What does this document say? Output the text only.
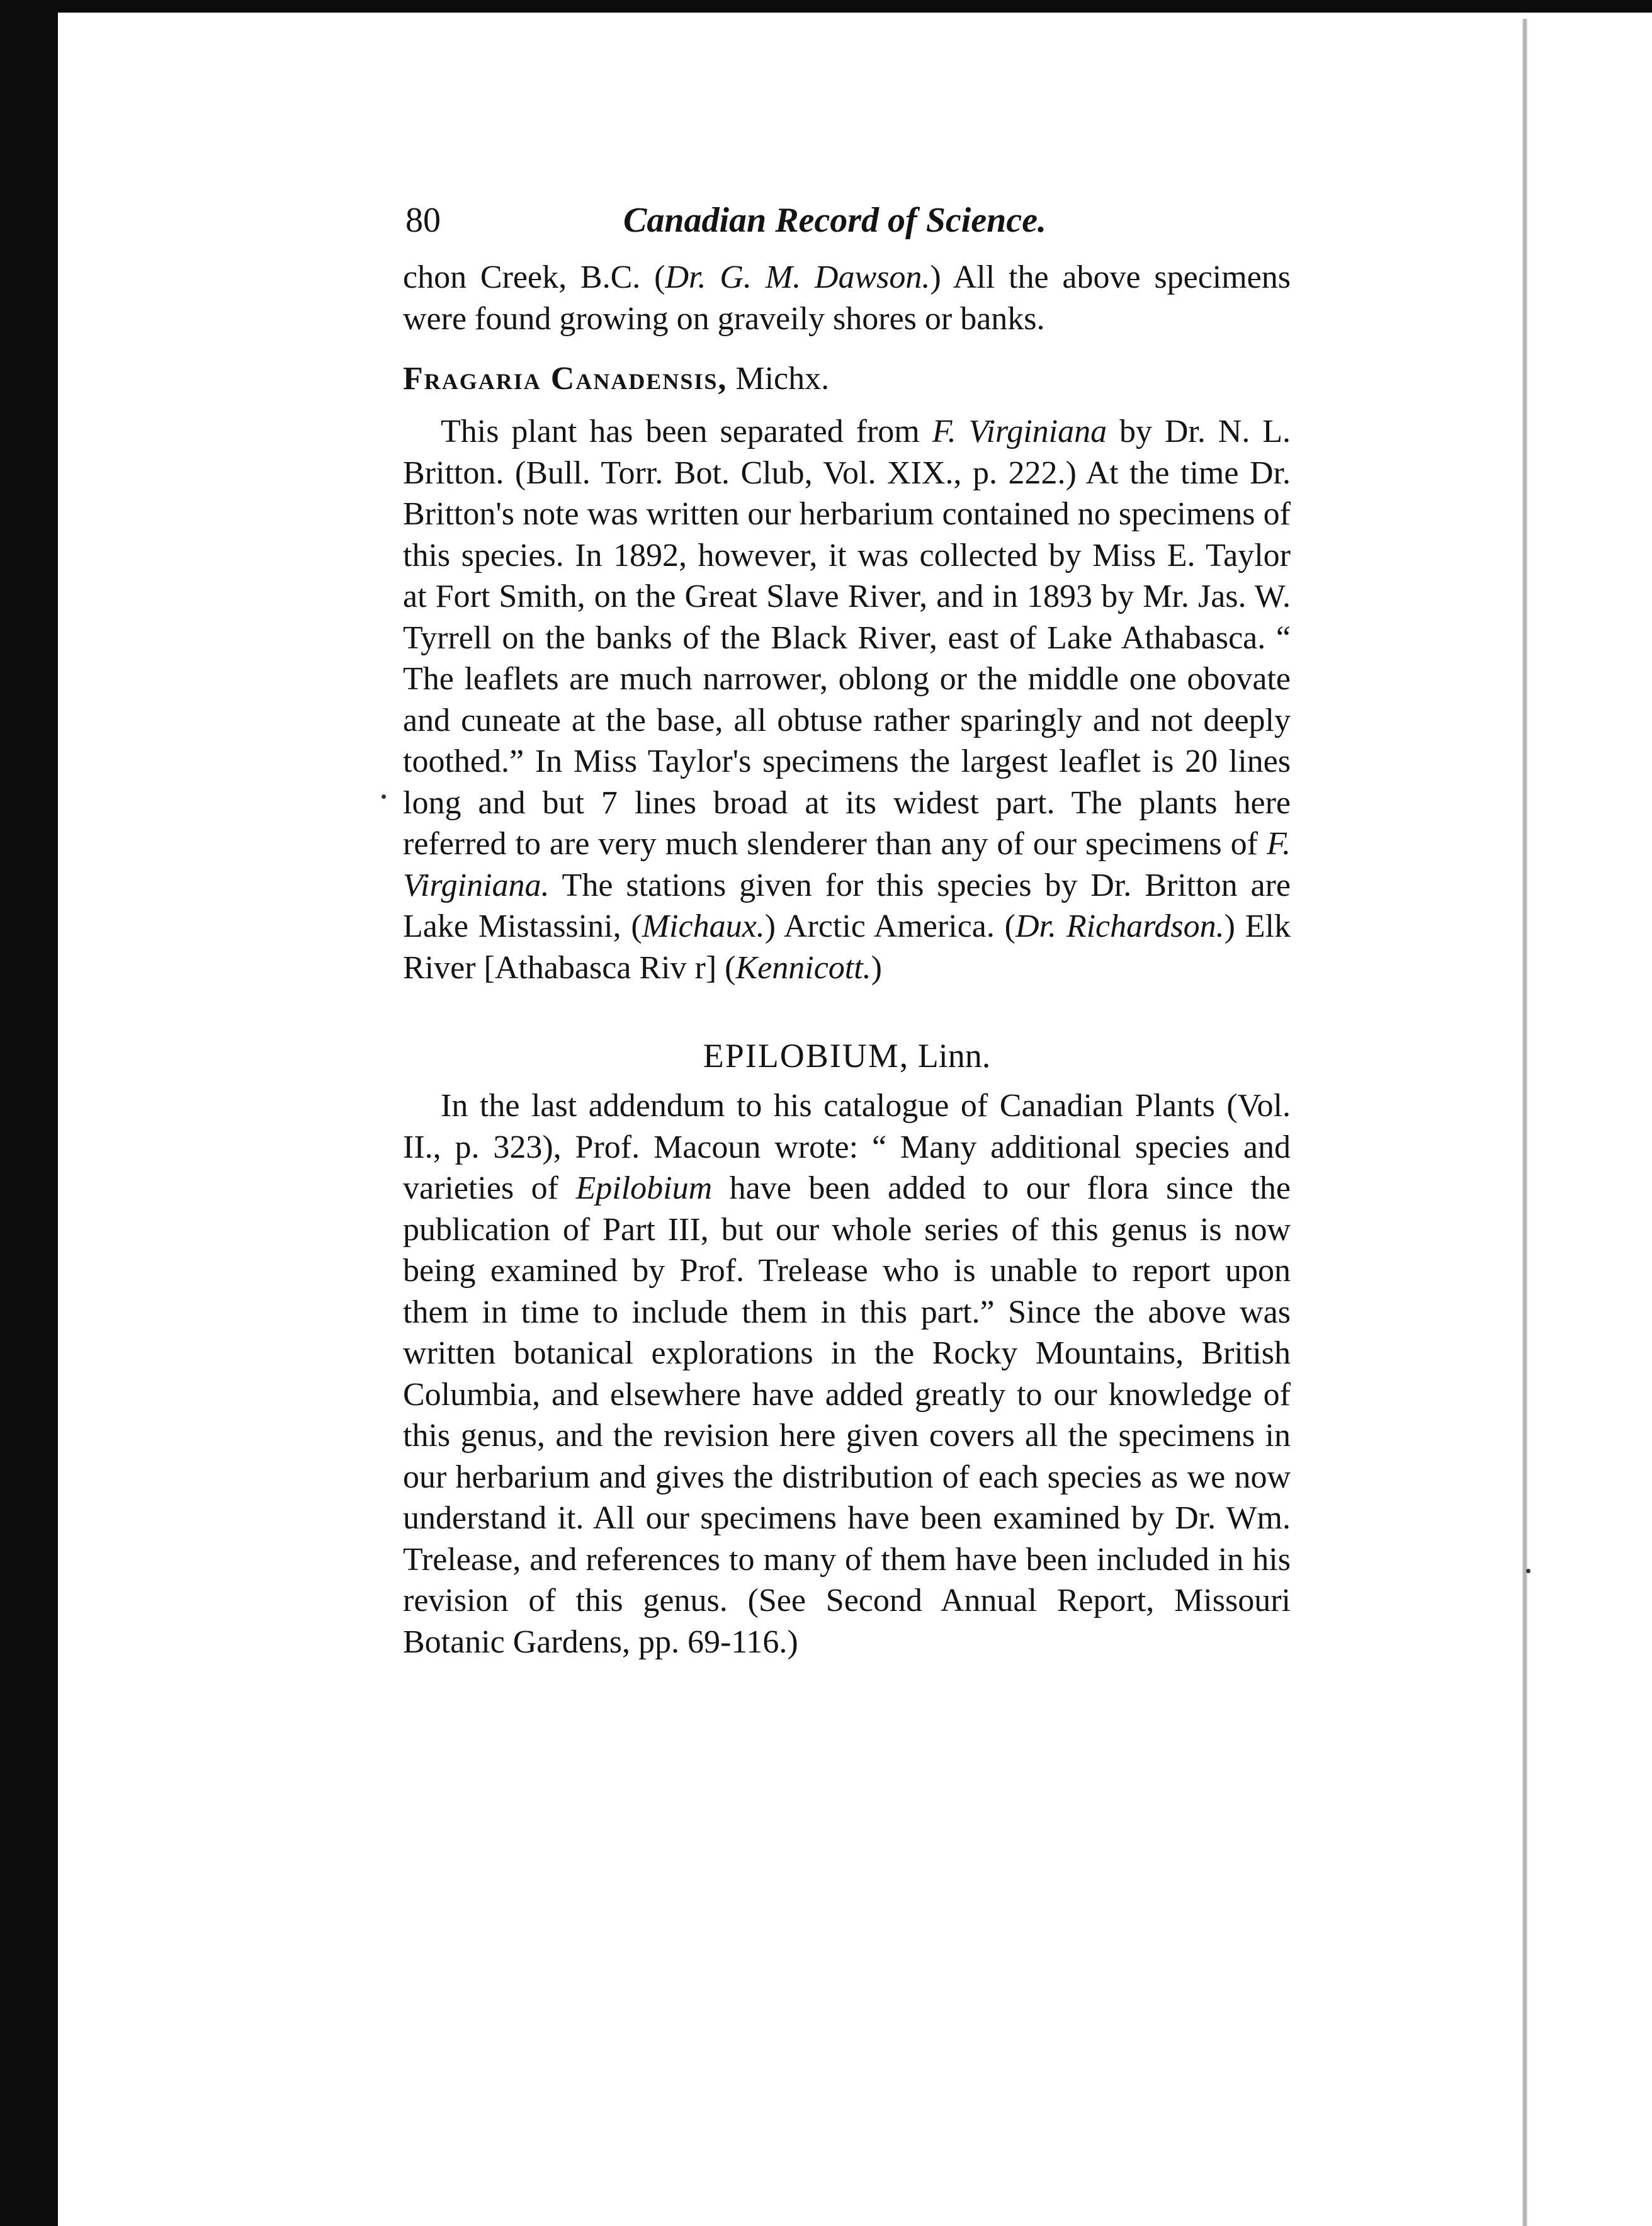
80	Canadian Record of Science.

chon Creek, B.C. (Dr. G. M. Dawson.) All the above specimens were found growing on graveily shores or banks.

Fragaria Canadensis, Michx.

This plant has been separated from F. Virginiana by Dr. N. L. Britton. (Bull. Torr. Bot. Club, Vol. XIX., p. 222.) At the time Dr. Britton's note was written our herbarium contained no specimens of this species. In 1892, however, it was collected by Miss E. Taylor at Fort Smith, on the Great Slave River, and in 1893 by Mr. Jas. W. Tyrrell on the banks of the Black River, east of Lake Athabasca. “ The leaflets are much narrower, oblong or the middle one obovate and cuneate at the base, all obtuse rather sparingly and not deeply toothed.” In Miss Taylor's specimens the largest leaflet is 20 lines long and but 7 lines broad at its widest part. The plants here referred to are very much slenderer than any of our specimens of F. Virginiana. The stations given for this species by Dr. Britton are Lake Mistassini, (Michaux.) Arctic America. (Dr. Richardson.) Elk River [Athabasca Riv r] (Kennicott.)

EPILOBIUM, Linn.

In the last addendum to his catalogue of Canadian Plants (Vol. II., p. 323), Prof. Macoun wrote: “ Many additional species and varieties of Epilobium have been added to our flora since the publication of Part III, but our whole series of this genus is now being examined by Prof. Trelease who is unable to report upon them in time to include them in this part.” Since the above was written botanical explorations in the Rocky Mountains, British Columbia, and elsewhere have added greatly to our knowledge of this genus, and the revision here given covers all the specimens in our herbarium and gives the distribution of each species as we now understand it. All our specimens have been examined by Dr. Wm. Trelease, and references to many of them have been included in his revision of this genus. (See Second Annual Report, Missouri Botanic Gardens, pp. 69-116.)
